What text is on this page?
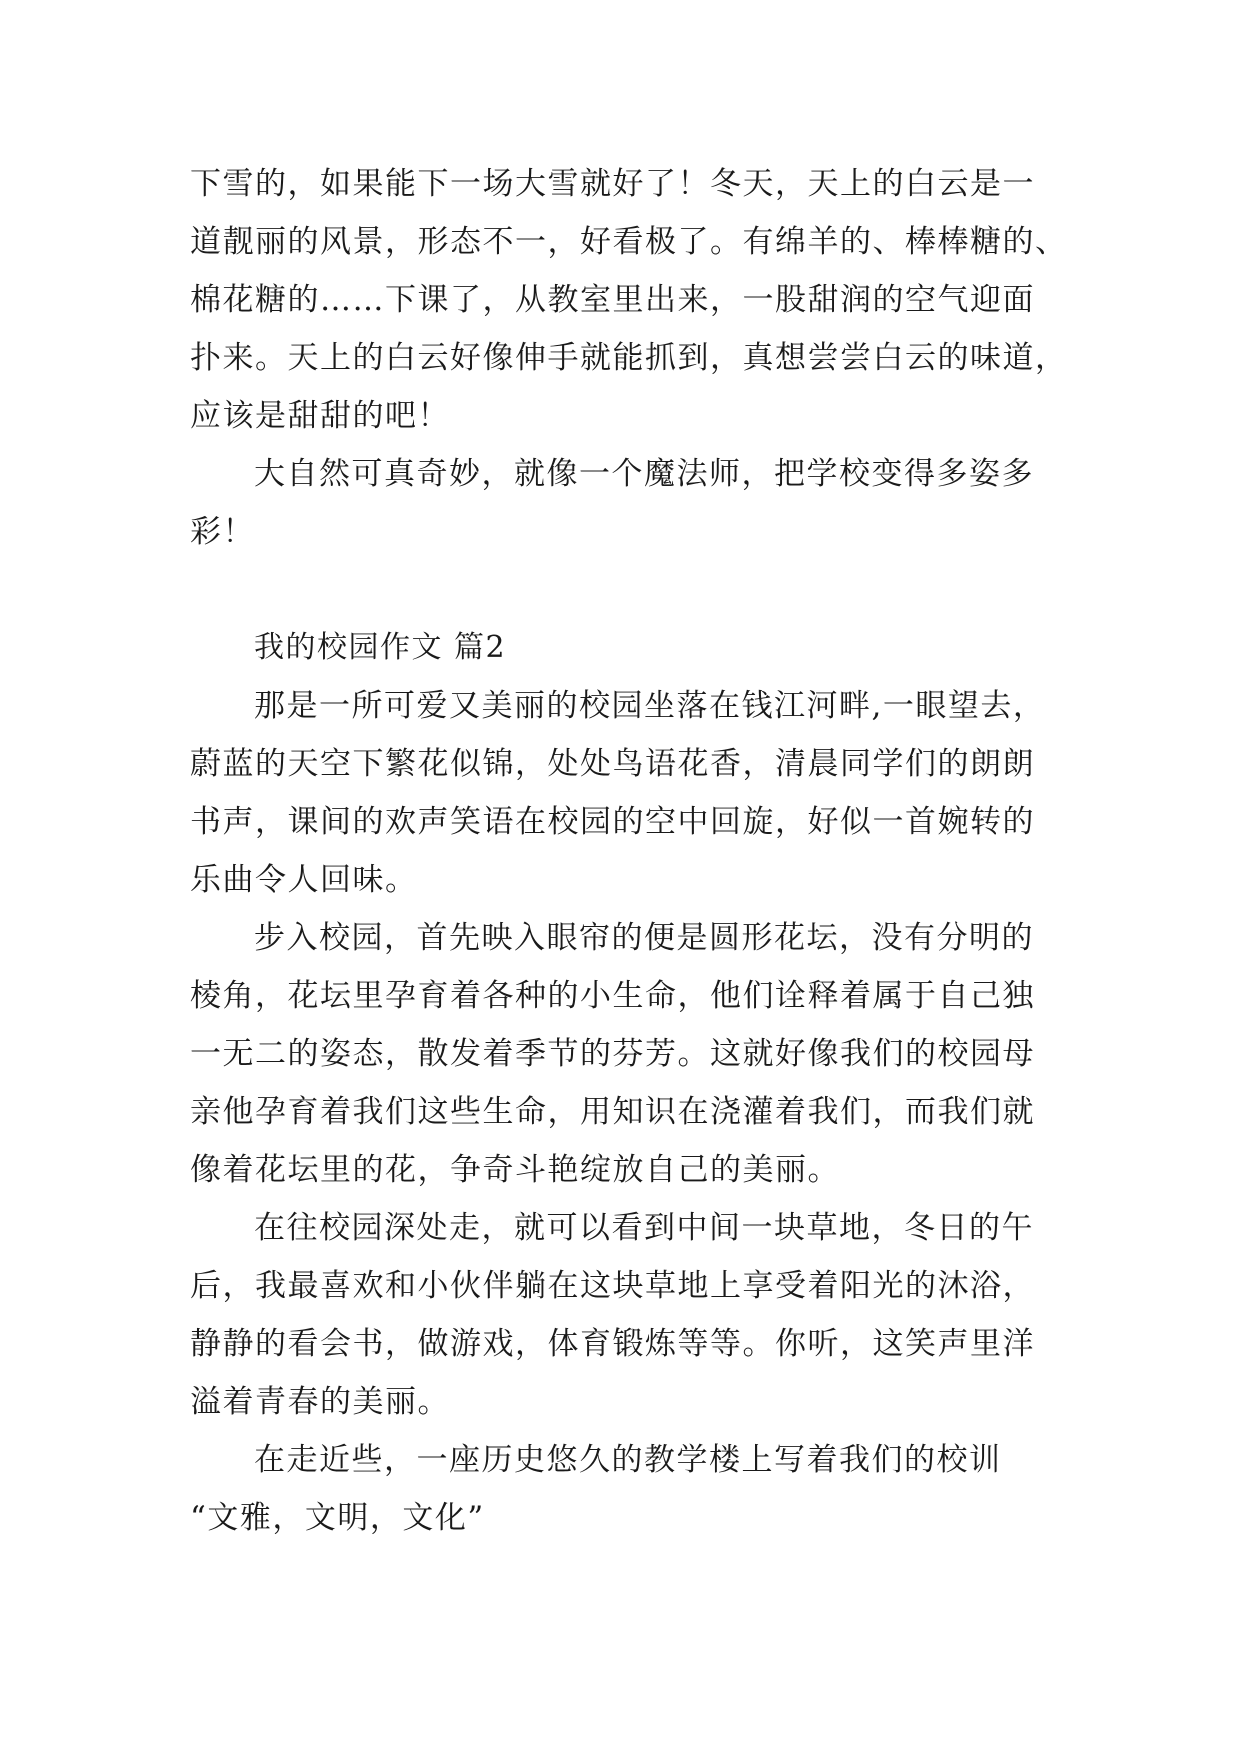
下雪的，如果能下一场大雪就好了！冬天，天上的白云是一
道靓丽的风景，形态不一，好看极了。有绵羊的、棒棒糖的、
棉花糖的……下课了，从教室里出来，一股甜润的空气迎面
扑来。天上的白云好像伸手就能抓到，真想尝尝白云的味道，
应该是甜甜的吧！
大自然可真奇妙，就像一个魔法师，把学校变得多姿多
彩！
我的校园作文 篇2
那是一所可爱又美丽的校园坐落在钱江河畔,一眼望去，
蔚蓝的天空下繁花似锦，处处鸟语花香，清晨同学们的朗朗
书声，课间的欢声笑语在校园的空中回旋，好似一首婉转的
乐曲令人回味。
步入校园，首先映入眼帘的便是圆形花坛，没有分明的
棱角，花坛里孕育着各种的小生命，他们诠释着属于自己独
一无二的姿态，散发着季节的芬芳。这就好像我们的校园母
亲他孕育着我们这些生命，用知识在浇灌着我们，而我们就
像着花坛里的花，争奇斗艳绽放自己的美丽。
在往校园深处走，就可以看到中间一块草地，冬日的午
后，我最喜欢和小伙伴躺在这块草地上享受着阳光的沐浴，
静静的看会书，做游戏，体育锻炼等等。你听，这笑声里洋
溢着青春的美丽。
在走近些，一座历史悠久的教学楼上写着我们的校训
“文雅，文明，文化”
